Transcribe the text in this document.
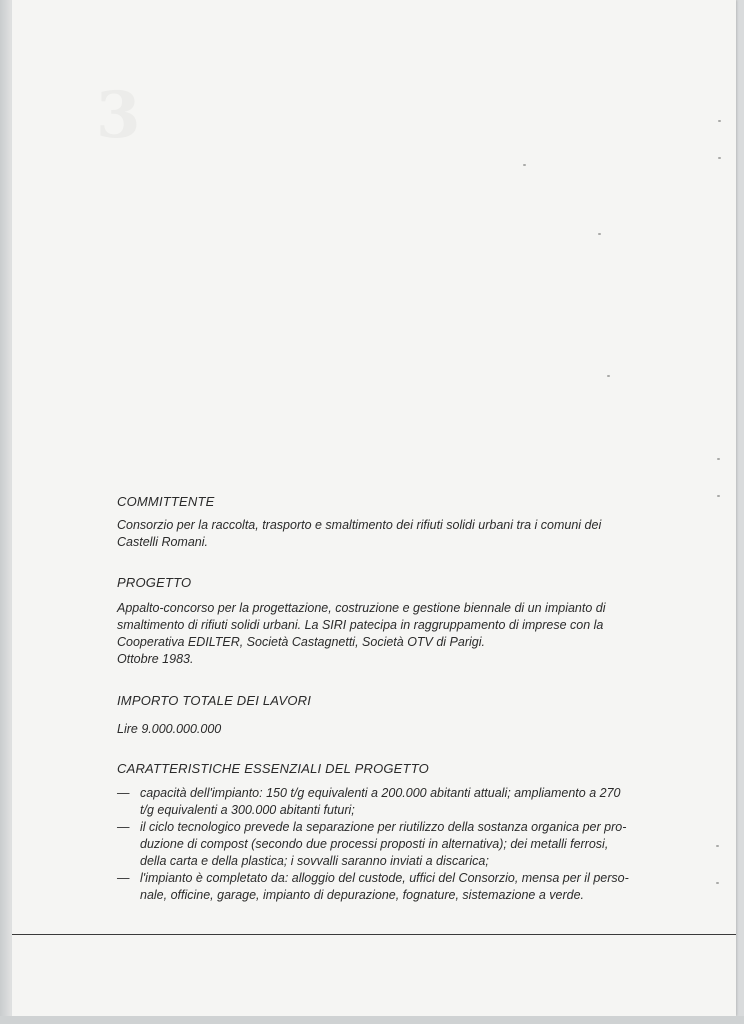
3

COMMITTENTE

Consorzio per la raccolta, trasporto e smaltimento dei rifiuti solidi urbani tra i comuni dei
Castelli Romani.

PROGETTO

Appalto-concorso per la progettazione, costruzione e gestione biennale di un impianto di
smaltimento di rifiuti solidi urbani. La SIRI patecipa in raggruppamento di imprese con la
Cooperativa EDILTER, Società Castagnetti, Società OTV di Parigi.
Ottobre 1983.

IMPORTO TOTALE DEI LAVORI

Lire 9.000.000.000

CARATTERISTICHE ESSENZIALI DEL PROGETTO

— capacità dell'impianto: 150 t/g equivalenti a 200.000 abitanti attuali; ampliamento a 270
t/g equivalenti a 300.000 abitanti futuri;
— il ciclo tecnologico prevede la separazione per riutilizzo della sostanza organica per pro-
duzione di compost (secondo due processi proposti in alternativa); dei metalli ferrosi,
della carta e della plastica; i sovvalli saranno inviati a discarica;
— l'impianto è completato da: alloggio del custode, uffici del Consorzio, mensa per il perso-
nale, officine, garage, impianto di depurazione, fognature, sistemazione a verde.
